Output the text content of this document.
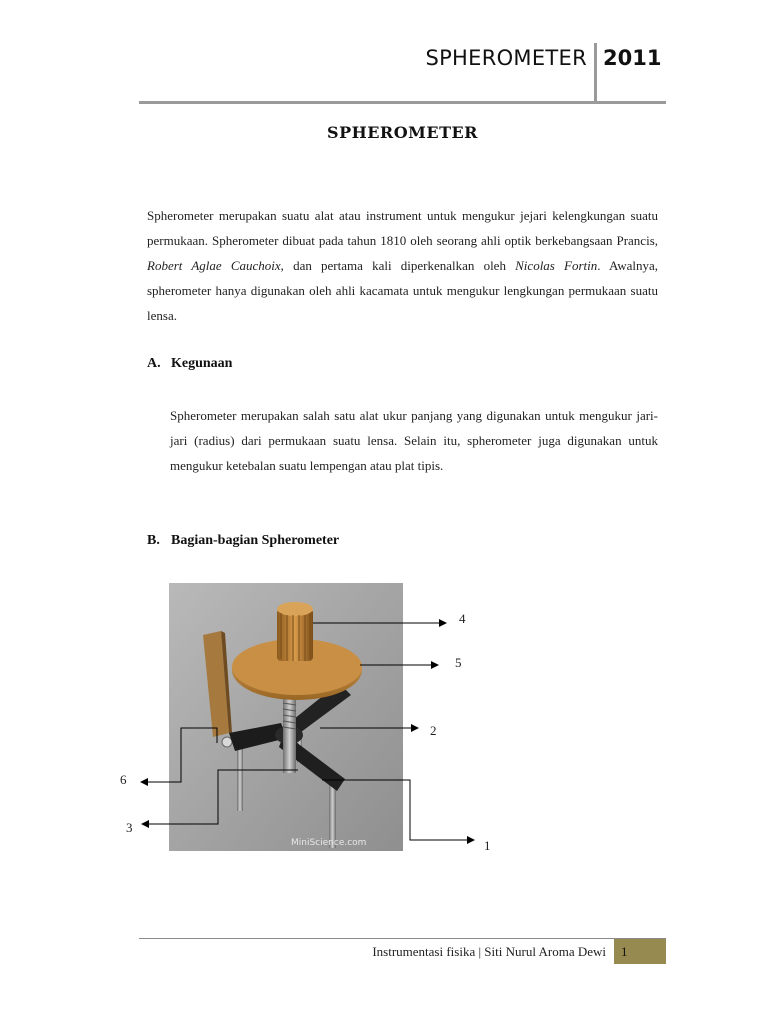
SPHEROMETER 2011
SPHEROMETER
Spherometer merupakan suatu alat atau instrument untuk mengukur jejari kelengkungan suatu permukaan. Spherometer dibuat pada tahun 1810 oleh seorang ahli optik berkebangsaan Prancis, Robert Aglae Cauchoix, dan pertama kali diperkenalkan oleh Nicolas Fortin. Awalnya, spherometer hanya digunakan oleh ahli kacamata untuk mengukur lengkungan permukaan suatu lensa.
A. Kegunaan
Spherometer merupakan salah satu alat ukur panjang yang digunakan untuk mengukur jari-jari (radius) dari permukaan suatu lensa. Selain itu, spherometer juga digunakan untuk mengukur ketebalan suatu lempengan atau plat tipis.
B. Bagian-bagian Spherometer
MiniScience.com
4
5
2
6
3
1
Instrumentasi fisika | Siti Nurul Aroma Dewi	1
